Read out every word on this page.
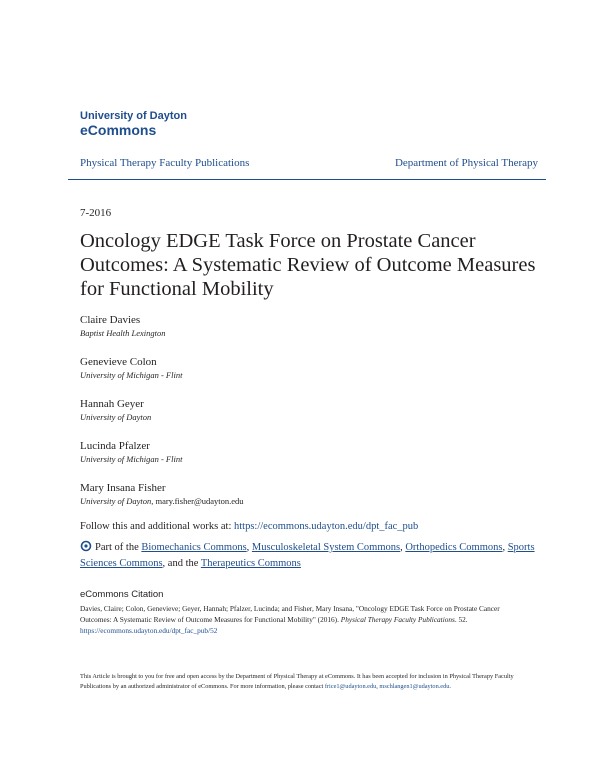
University of Dayton
eCommons
Physical Therapy Faculty Publications	Department of Physical Therapy
7-2016
Oncology EDGE Task Force on Prostate Cancer Outcomes: A Systematic Review of Outcome Measures for Functional Mobility
Claire Davies
Baptist Health Lexington
Genevieve Colon
University of Michigan - Flint
Hannah Geyer
University of Dayton
Lucinda Pfalzer
University of Michigan - Flint
Mary Insana Fisher
University of Dayton, mary.fisher@udayton.edu
Follow this and additional works at: https://ecommons.udayton.edu/dpt_fac_pub
Part of the Biomechanics Commons, Musculoskeletal System Commons, Orthopedics Commons, Sports Sciences Commons, and the Therapeutics Commons
eCommons Citation
Davies, Claire; Colon, Genevieve; Geyer, Hannah; Pfalzer, Lucinda; and Fisher, Mary Insana, "Oncology EDGE Task Force on Prostate Cancer Outcomes: A Systematic Review of Outcome Measures for Functional Mobility" (2016). Physical Therapy Faculty Publications. 52.
https://ecommons.udayton.edu/dpt_fac_pub/52
This Article is brought to you for free and open access by the Department of Physical Therapy at eCommons. It has been accepted for inclusion in Physical Therapy Faculty Publications by an authorized administrator of eCommons. For more information, please contact frice1@udayton.edu, mschlangen1@udayton.edu.
